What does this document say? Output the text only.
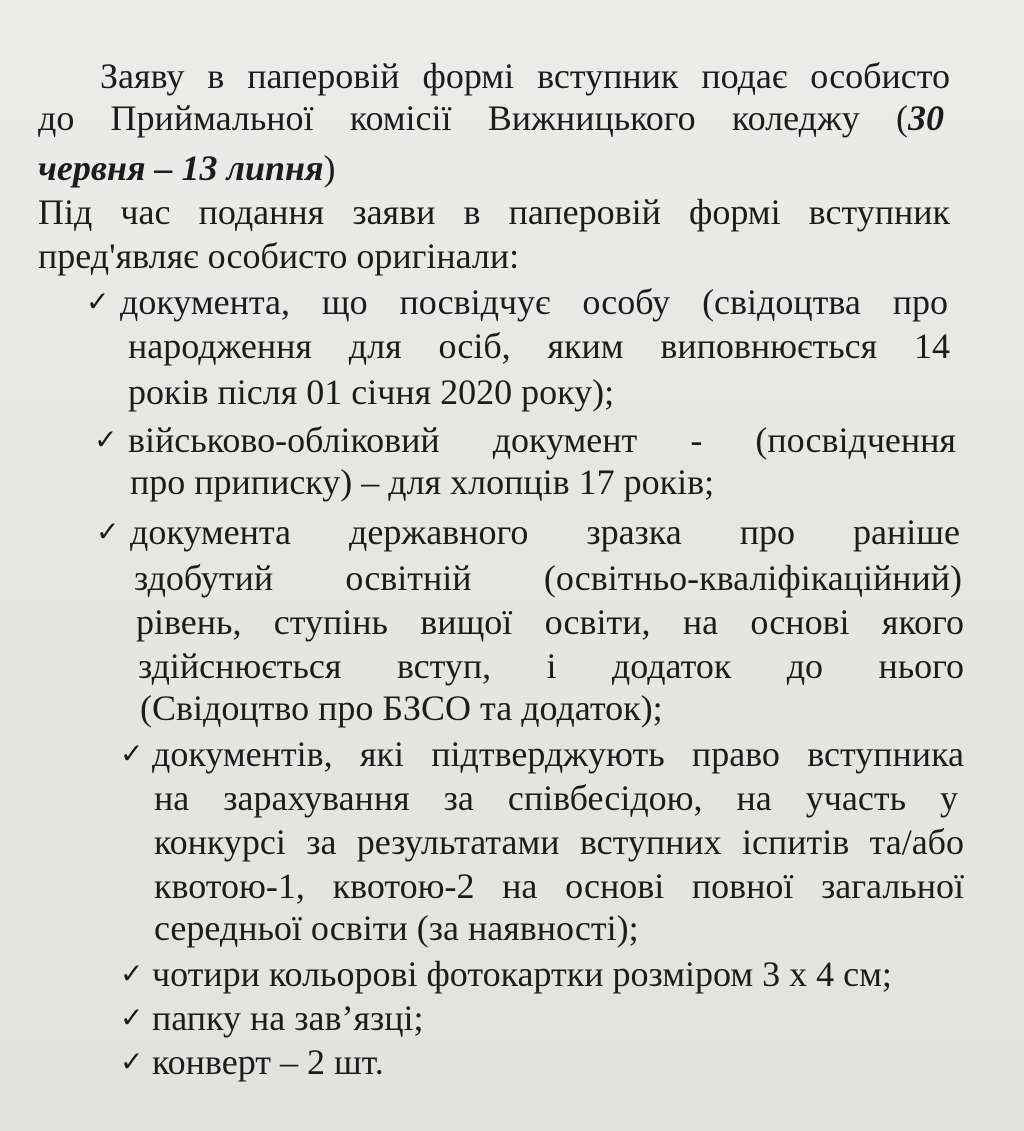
Заяву в паперовій формі вступник подає особисто
до Приймальної комісії Вижницького коледжу (30
червня – 13 липня)
Під час подання заяви в паперовій формі вступник
пред'являє особисто оригінали:
✓ документа, що посвідчує особу (свідоцтва про
народження для осіб, яким виповнюється 14
років після 01 січня 2020 року);
✓ військово-обліковий документ - (посвідчення
про приписку) – для хлопців 17 років;
✓ документа державного зразка про раніше
здобутий освітній (освітньо-кваліфікаційний)
рівень, ступінь вищої освіти, на основі якого
здійснюється вступ, і додаток до нього
(Свідоцтво про БЗСО та додаток);
✓ документів, які підтверджують право вступника
на зарахування за співбесідою, на участь у
конкурсі за результатами вступних іспитів та/або
квотою-1, квотою-2 на основі повної загальної
середньої освіти (за наявності);
✓ чотири кольорові фотокартки розміром 3 х 4 см;
✓ папку на зав’язці;
✓ конверт – 2 шт.
